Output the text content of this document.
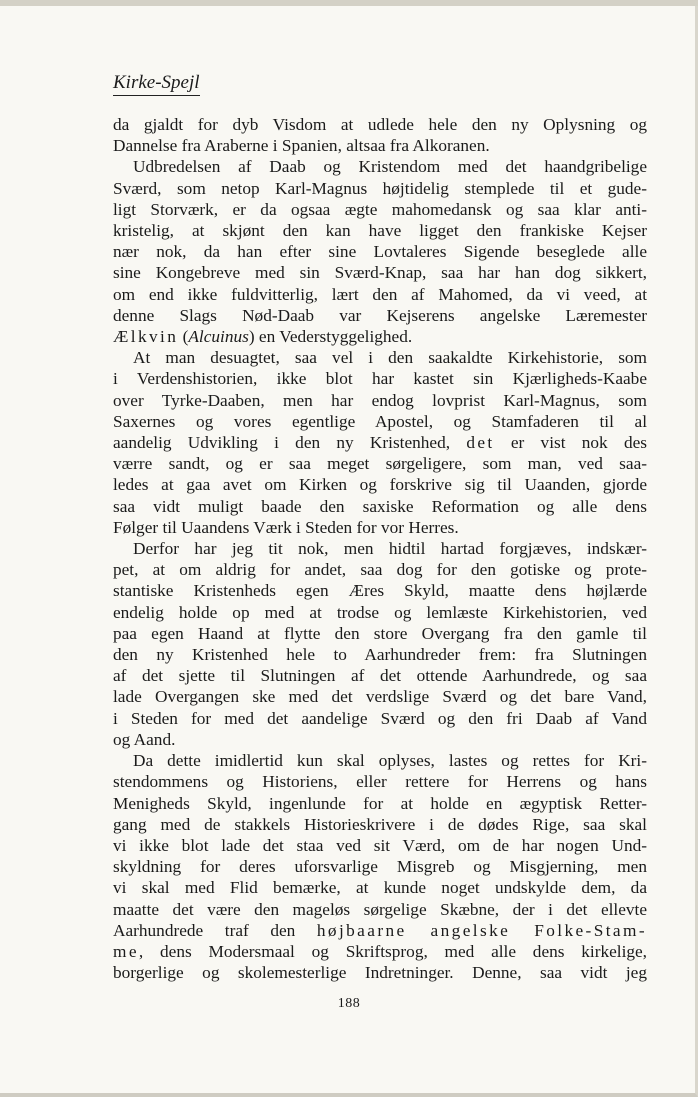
Kirke-Spejl

da gjaldt for dyb Visdom at udlede hele den ny Oplysning og

Dannelse fra Araberne i Spanien, altsaa fra Alkoranen.

Udbredelsen af Daab og Kristendom med det haandgribelige

Sværd, som netop Karl-Magnus højtidelig stemplede til et gude-

ligt Storværk, er da ogsaa ægte mahomedansk og saa klar anti-

kristelig, at skjønt den kan have ligget den frankiske Kejser

nær nok, da han efter sine Lovtaleres Sigende beseglede alle

sine Kongebreve med sin Sværd-Knap, saa har han dog sikkert,

om end ikke fuldvitterlig, lært den af Mahomed, da vi veed, at

denne Slags Nød-Daab var Kejserens angelske Læremester

Ælkvin (Alcuinus) en Vederstyggelighed.

At man desuagtet, saa vel i den saakaldte Kirkehistorie, som

i Verdenshistorien, ikke blot har kastet sin Kjærligheds-Kaabe

over Tyrke-Daaben, men har endog lovprist Karl-Magnus, som

Saxernes og vores egentlige Apostel, og Stamfaderen til al

aandelig Udvikling i den ny Kristenhed, det er vist nok des

værre sandt, og er saa meget sørgeligere, som man, ved saa-

ledes at gaa avet om Kirken og forskrive sig til Uaanden, gjorde

saa vidt muligt baade den saxiske Reformation og alle dens

Følger til Uaandens Værk i Steden for vor Herres.

Derfor har jeg tit nok, men hidtil hartad forgjæves, indskær-

pet, at om aldrig for andet, saa dog for den gotiske og prote-

stantiske Kristenheds egen Æres Skyld, maatte dens højlærde

endelig holde op med at trodse og lemlæste Kirkehistorien, ved

paa egen Haand at flytte den store Overgang fra den gamle til

den ny Kristenhed hele to Aarhundreder frem: fra Slutningen

af det sjette til Slutningen af det ottende Aarhundrede, og saa

lade Overgangen ske med det verdslige Sværd og det bare Vand,

i Steden for med det aandelige Sværd og den fri Daab af Vand

og Aand.

Da dette imidlertid kun skal oplyses, lastes og rettes for Kri-

stendommens og Historiens, eller rettere for Herrens og hans

Menigheds Skyld, ingenlunde for at holde en ægyptisk Retter-

gang med de stakkels Historieskrivere i de dødes Rige, saa skal

vi ikke blot lade det staa ved sit Værd, om de har nogen Und-

skyldning for deres uforsvarlige Misgreb og Misgjerning, men

vi skal med Flid bemærke, at kunde noget undskylde dem, da

maatte det være den mageløs sørgelige Skæbne, der i det ellevte

Aarhundrede traf den højbaarne angelske Folke-Stam-

me, dens Modersmaal og Skriftsprog, med alle dens kirkelige,

borgerlige og skolemesterlige Indretninger. Denne, saa vidt jeg

188
